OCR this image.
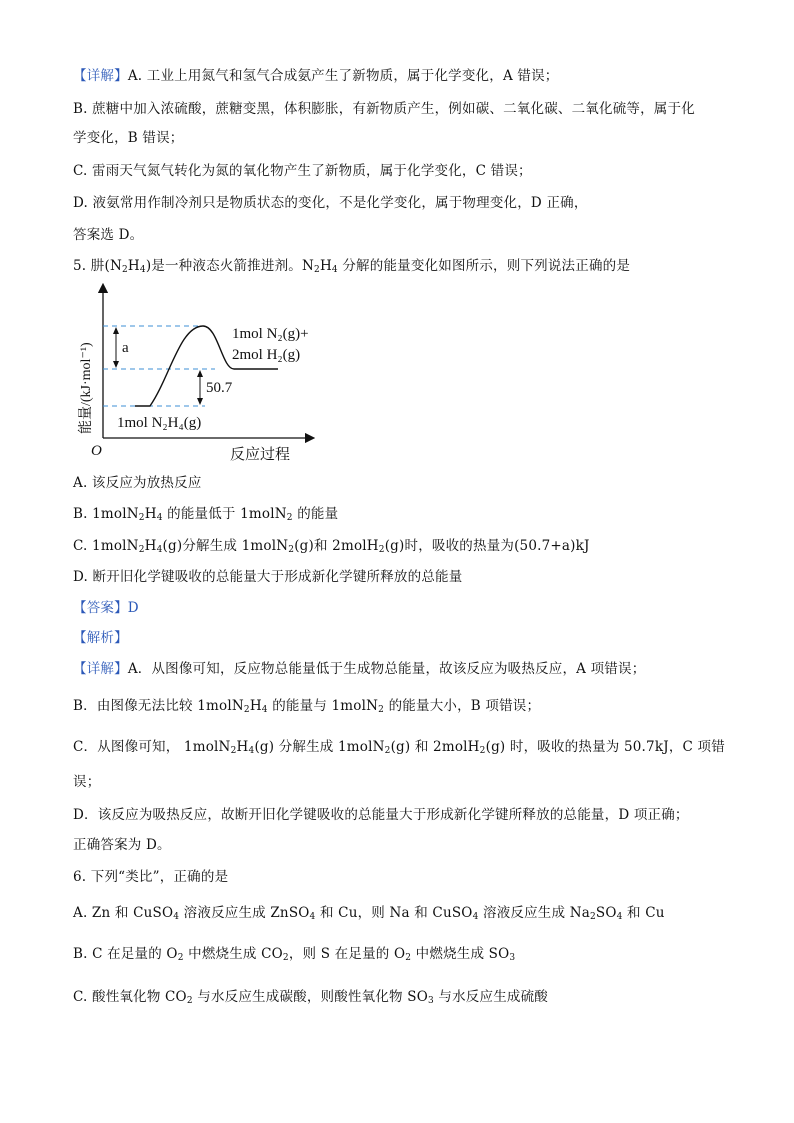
【详解】A. 工业上用氮气和氢气合成氨产生了新物质，属于化学变化，A 错误；
B. 蔗糖中加入浓硫酸，蔗糖变黑，体积膨胀，有新物质产生，例如碳、二氧化碳、二氧化硫等，属于化
学变化，B 错误；
C. 雷雨天气氮气转化为氮的氧化物产生了新物质，属于化学变化，C 错误；
D. 液氨常用作制冷剂只是物质状态的变化，不是化学变化，属于物理变化，D 正确，
答案选 D。
5. 肼$(N_2H_4)$是一种液态火箭推进剂。$N_2H_4$ 分解的能量变化如图所示，则下列说法正确的是
a
50.7
1mol N₂(g)+
2mol H₂(g)
1mol N₂H₄(g)
O	反应过程
能量/(kJ·mol⁻¹)
A. 该反应为放热反应
B. $1molN_2H_4$ 的能量低于 1molN$_2$ 的能量
C. $1molN_2H_4(g)$分解生成 1molN$_2$(g)和 2molH$_2$(g)时，吸收的热量为(50.7+a)kJ
D. 断开旧化学键吸收的总能量大于形成新化学键所释放的总能量
【答案】D
【解析】
【详解】A．从图像可知，反应物总能量低于生成物总能量，故该反应为吸热反应，A 项错误；
B．由图像无法比较 $1molN_2H_4$ 的能量与 1molN$_2$ 的能量大小，B 项错误；
C．从图像可知， $1molN_2H_4(g)$ 分解生成 1molN$_2$(g) 和 2molH$_2$(g) 时，吸收的热量为 50.7kJ，C 项错
误；
D．该反应为吸热反应，故断开旧化学键吸收的总能量大于形成新化学键所释放的总能量，D 项正确；
正确答案为 D。
6. 下列“类比”，正确的是
A. Zn 和 CuSO$_4$ 溶液反应生成 ZnSO$_4$ 和 Cu，则 Na 和 CuSO$_4$ 溶液反应生成 $Na_2SO_4$ 和 Cu
B. C 在足量的 $O_2$ 中燃烧生成 $CO_2$，则 S 在足量的 $O_2$ 中燃烧生成 $SO_3$
C. 酸性氧化物 $CO_2$ 与水反应生成碳酸，则酸性氧化物 $SO_3$ 与水反应生成硫酸
